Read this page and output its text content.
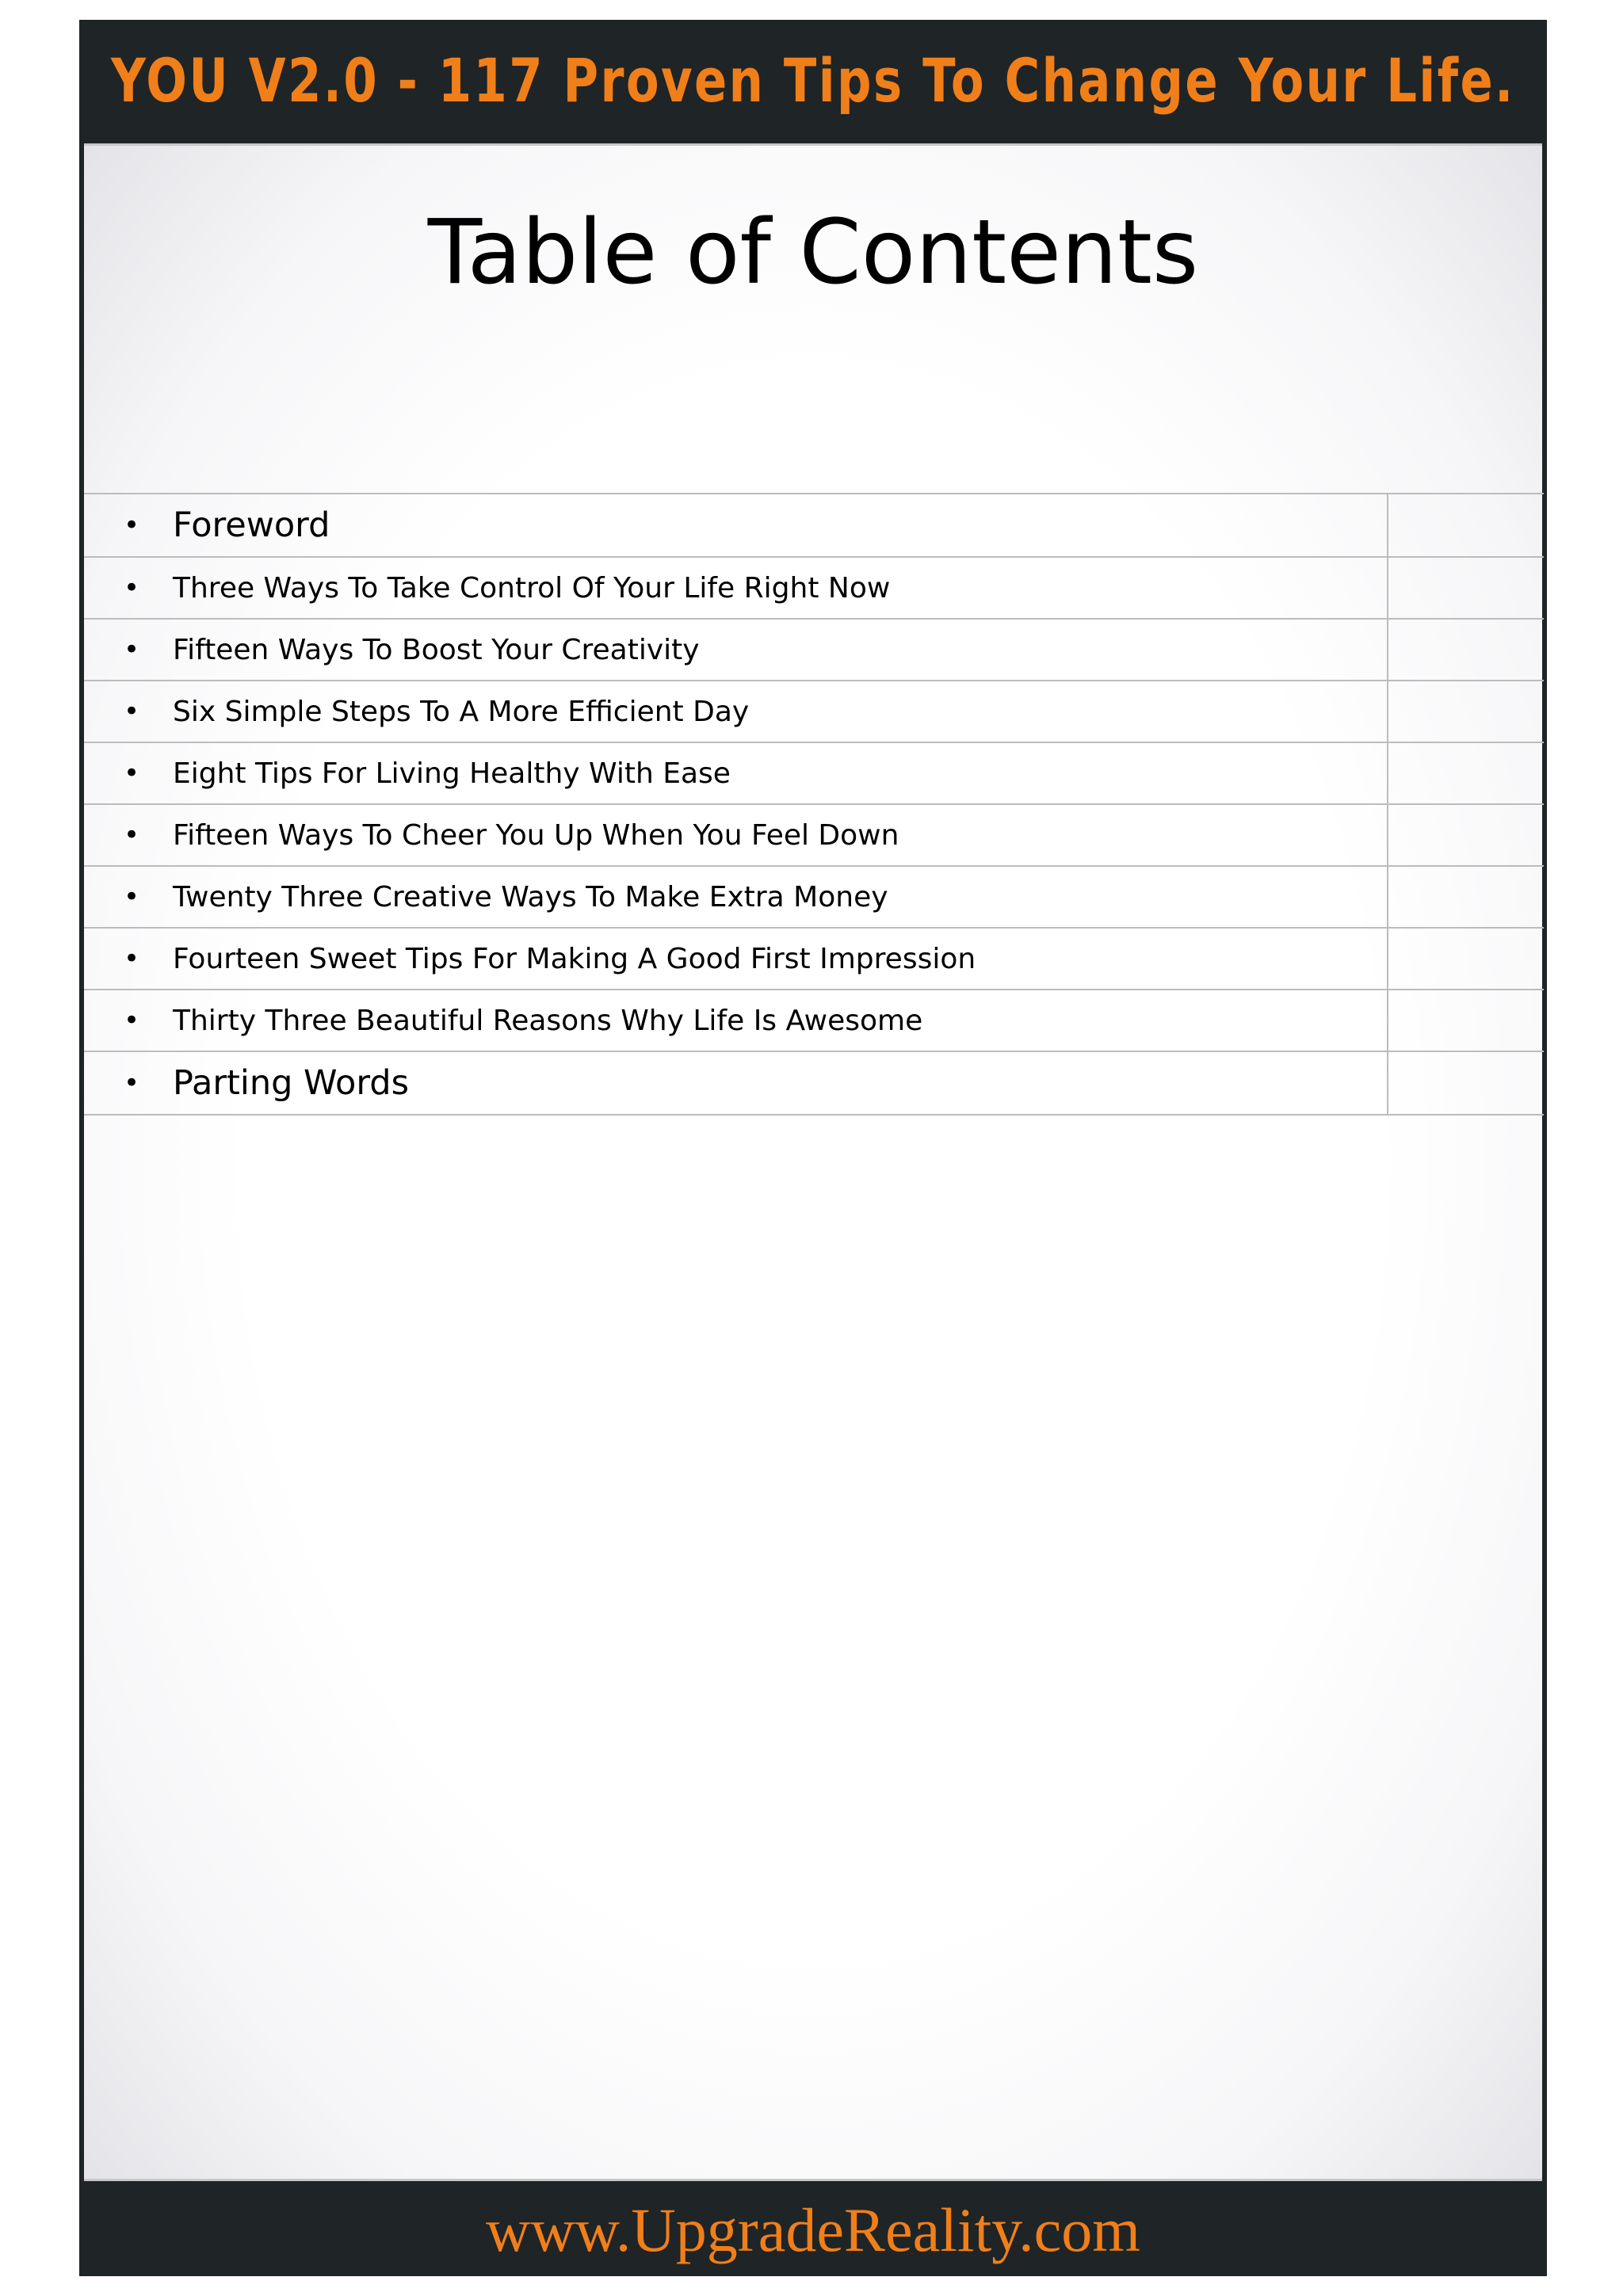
YOU V2.0 - 117 Proven Tips To Change Your Life.
Table of Contents
• Foreword	
• Three Ways To Take Control Of Your Life Right Now	
• Fifteen Ways To Boost Your Creativity	
• Six Simple Steps To A More Efficient Day	
• Eight Tips For Living Healthy With Ease	
• Fifteen Ways To Cheer You Up When You Feel Down	
• Twenty Three Creative Ways To Make Extra Money	
• Fourteen Sweet Tips For Making A Good First Impression	
• Thirty Three Beautiful Reasons Why Life Is Awesome	
• Parting Words	

www.UpgradeReality.com
